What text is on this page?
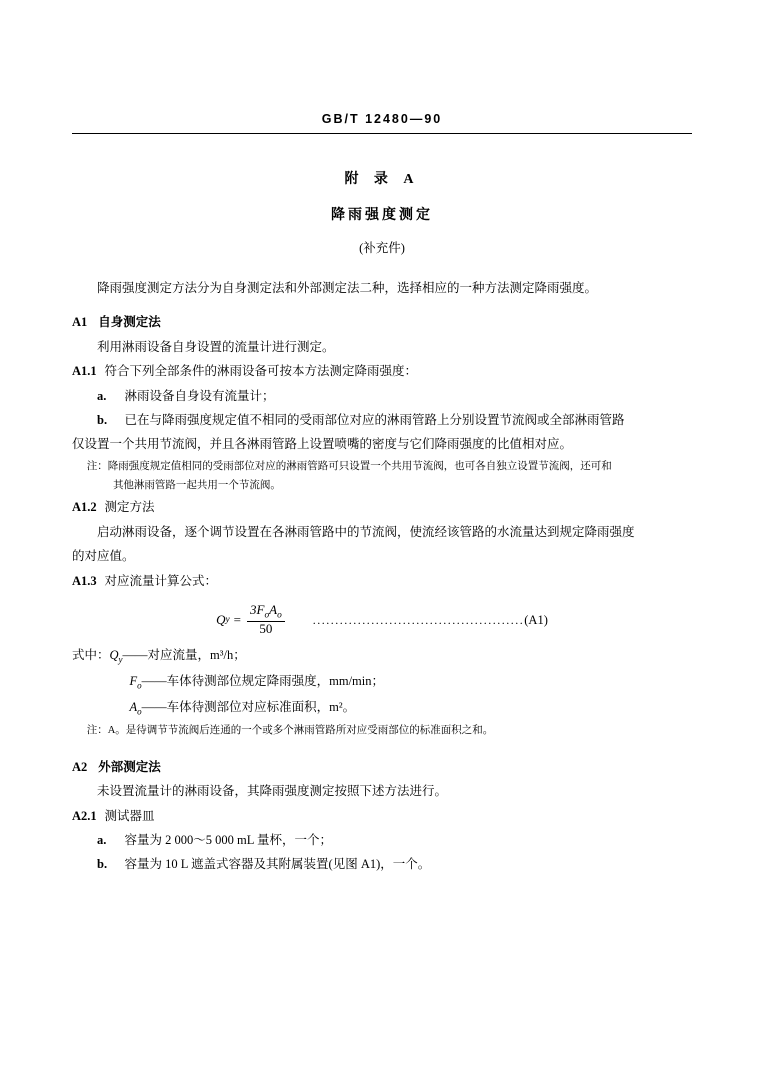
GB/T 12480—90
附 录 A
降雨强度测定
(补充件)

降雨强度测定方法分为自身测定法和外部测定法二种，选择相应的一种方法测定降雨强度。

A1 自身测定法

利用淋雨设备自身设置的流量计进行测定。

A1.1 符合下列全部条件的淋雨设备可按本方法测定降雨强度：

a. 淋雨设备自身设有流量计；

b. 已在与降雨强度规定值不相同的受雨部位对应的淋雨管路上分别设置节流阀或全部淋雨管路

仅设置一个共用节流阀，并且各淋雨管路上设置喷嘴的密度与它们降雨强度的比值相对应。

注：降雨强度规定值相同的受雨部位对应的淋雨管路可只设置一个共用节流阀，也可各自独立设置节流阀，还可和

其他淋雨管路一起共用一个节流阀。

A1.2 测定方法

启动淋雨设备，逐个调节设置在各淋雨管路中的节流阀，使流经该管路的水流量达到规定降雨强度

的对应值。

A1.3 对应流量计算公式：

Q $y = \frac{3F_oA_o}{50}$ ............................................... (A1)

式中：$Q_y——$对应流量，m³/h；

$F_o——$车体待测部位规定降雨强度，mm/min；

$A_o——$车体待测部位对应标准面积，m²。

注：A。是待调节节流阀后连通的一个或多个淋雨管路所对应受雨部位的标准面积之和。

A2 外部测定法

未设置流量计的淋雨设备，其降雨强度测定按照下述方法进行。

A2.1 测试器皿

a. 容量为 2 000～5 000 mL 量杯，一个；

b. 容量为 10 L 遮盖式容器及其附属装置(见图 A1)，一个。
